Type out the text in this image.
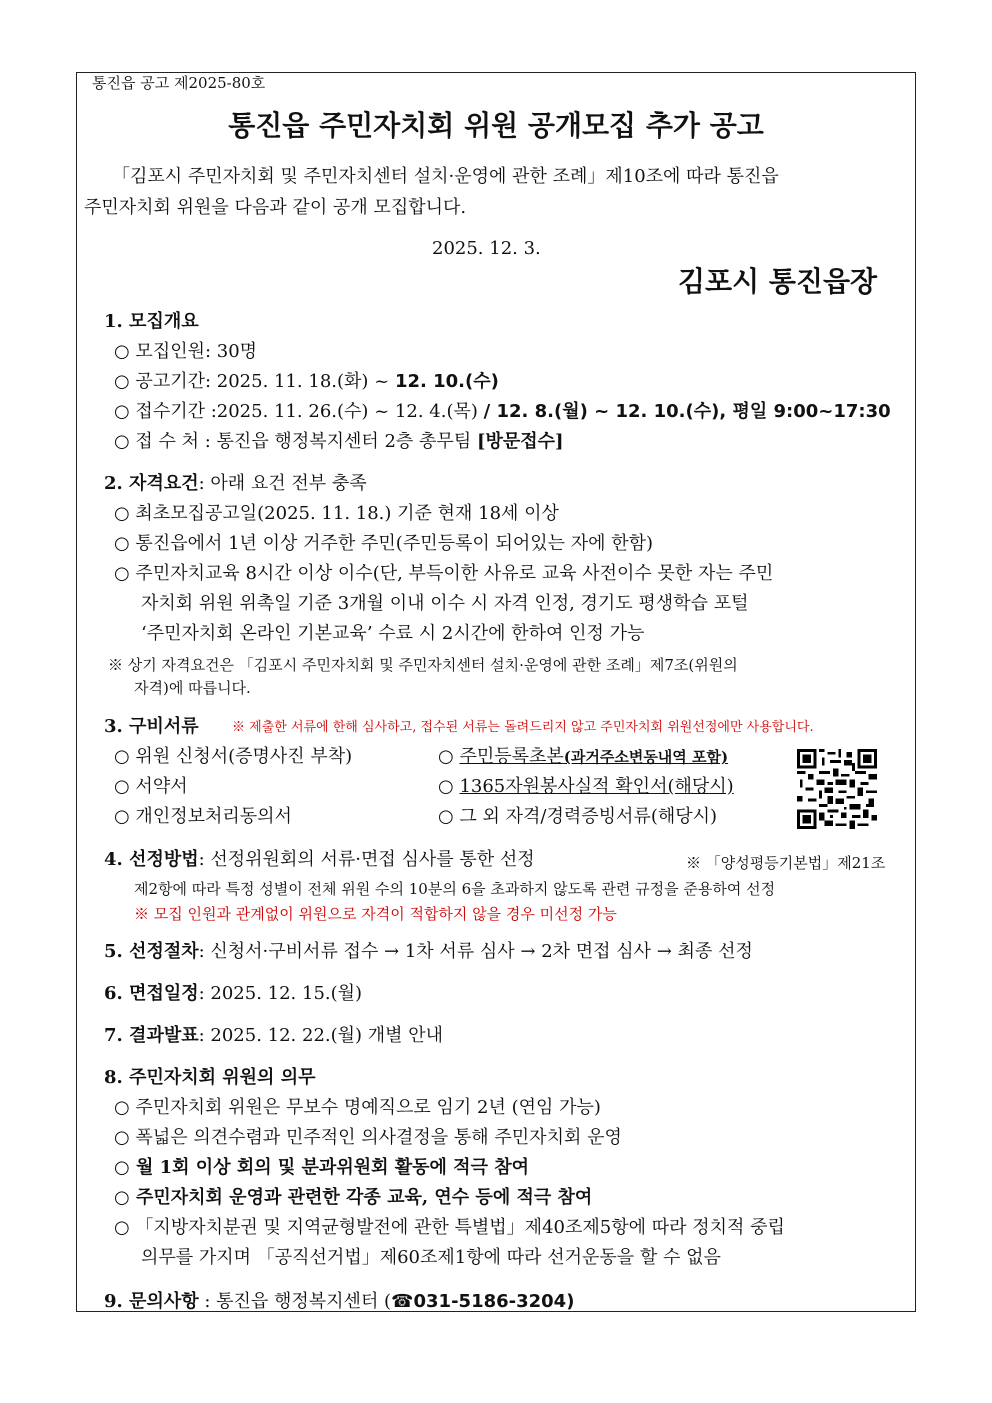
통진읍 공고 제2025-80호
통진읍 주민자치회 위원 공개모집 추가 공고
「김포시 주민자치회 및 주민자치센터 설치·운영에 관한 조례」제10조에 따라 통진읍
주민자치회 위원을 다음과 같이 공개 모집합니다.
2025. 12. 3.
김포시 통진읍장
1. 모집개요
○ 모집인원: 30명
○ 공고기간: 2025. 11. 18.(화) ~ 12. 10.(수)
○ 접수기간 :2025. 11. 26.(수) ~ 12. 4.(목) / 12. 8.(월) ~ 12. 10.(수), 평일 9:00~17:30
○ 접 수 처 : 통진읍 행정복지센터 2층 총무팀 [방문접수]
2. 자격요건: 아래 요건 전부 충족
○ 최초모집공고일(2025. 11. 18.) 기준 현재 18세 이상
○ 통진읍에서 1년 이상 거주한 주민(주민등록이 되어있는 자에 한함)
○ 주민자치교육 8시간 이상 이수(단, 부득이한 사유로 교육 사전이수 못한 자는 주민
자치회 위원 위촉일 기준 3개월 이내 이수 시 자격 인정, 경기도 평생학습 포털
‘주민자치회 온라인 기본교육’ 수료 시 2시간에 한하여 인정 가능
※ 상기 자격요건은 「김포시 주민자치회 및 주민자치센터 설치·운영에 관한 조례」제7조(위원의
자격)에 따릅니다.
3. 구비서류	※ 제출한 서류에 한해 심사하고, 접수된 서류는 돌려드리지 않고 주민자치회 위원선정에만 사용합니다.
○ 위원 신청서(증명사진 부착)
○ 서약서
○ 개인정보처리동의서
○ 주민등록초본(과거주소변동내역 포함)
○ 1365자원봉사실적 확인서(해당시)
○ 그 외 자격/경력증빙서류(해당시)
4. 선정방법: 선정위원회의 서류·면접 심사를 통한 선정	※ 「양성평등기본법」제21조
제2항에 따라 특정 성별이 전체 위원 수의 10분의 6을 초과하지 않도록 관련 규정을 준용하여 선정
※ 모집 인원과 관계없이 위원으로 자격이 적합하지 않을 경우 미선정 가능
5. 선정절차: 신청서·구비서류 접수 → 1차 서류 심사 → 2차 면접 심사 → 최종 선정
6. 면접일정: 2025. 12. 15.(월)
7. 결과발표: 2025. 12. 22.(월) 개별 안내
8. 주민자치회 위원의 의무
○ 주민자치회 위원은 무보수 명예직으로 임기 2년 (연임 가능)
○ 폭넓은 의견수렴과 민주적인 의사결정을 통해 주민자치회 운영
○ 월 1회 이상 회의 및 분과위원회 활동에 적극 참여
○ 주민자치회 운영과 관련한 각종 교육, 연수 등에 적극 참여
○ 「지방자치분권 및 지역균형발전에 관한 특별법」제40조제5항에 따라 정치적 중립
의무를 가지며 「공직선거법」제60조제1항에 따라 선거운동을 할 수 없음
9. 문의사항 : 통진읍 행정복지센터 (☎031-5186-3204)
